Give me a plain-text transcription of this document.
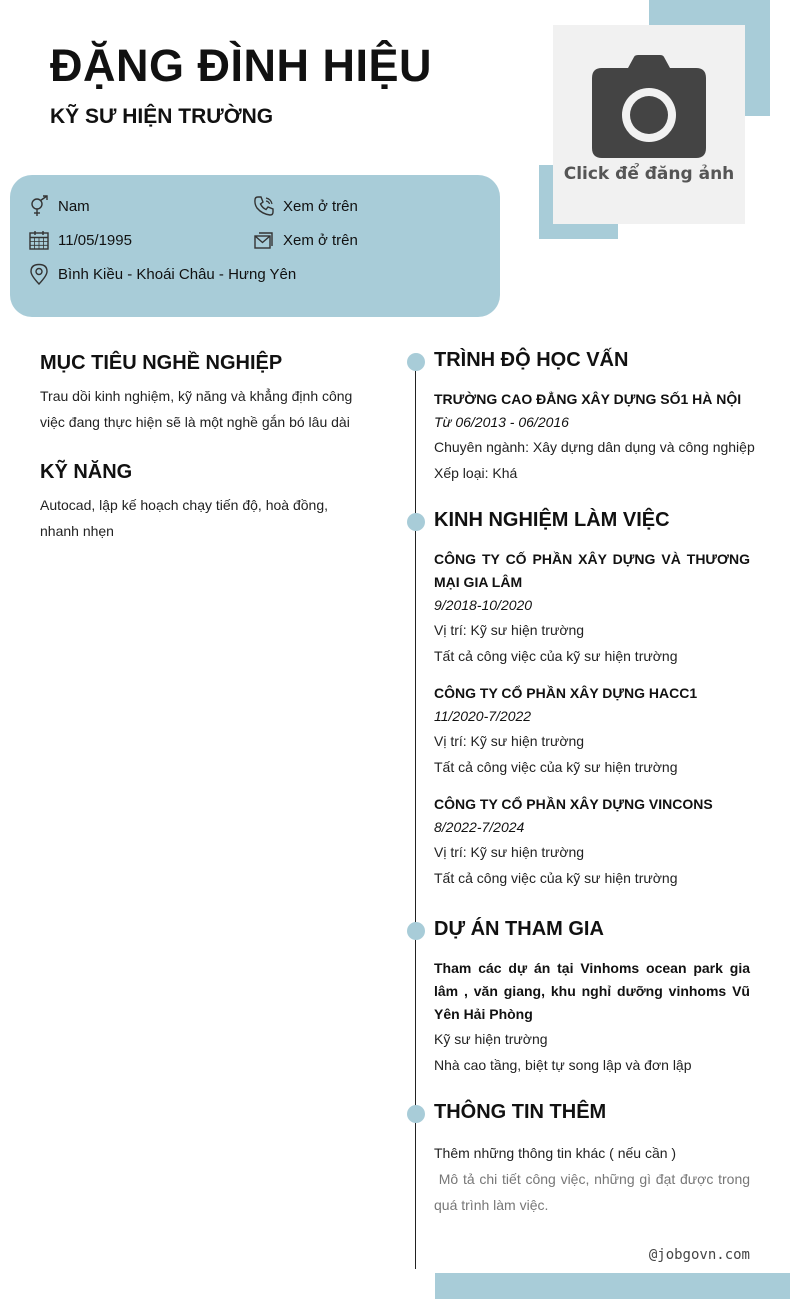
ĐẶNG ĐÌNH HIỆU
KỸ SƯ HIỆN TRƯỜNG
Click để đăng ảnh
Nam	Xem ở trên
11/05/1995	Xem ở trên
Bình Kiều - Khoái Châu - Hưng Yên
MỤC TIÊU NGHỀ NGHIỆP

Trau dồi kinh nghiệm, kỹ năng và khẳng định công việc đang thực hiện sẽ là một nghề gắn bó lâu dài

KỸ NĂNG

Autocad, lập kế hoạch chạy tiến độ, hoà đồng, nhanh nhẹn

TRÌNH ĐỘ HỌC VẤN
TRƯỜNG CAO ĐẲNG XÂY DỰNG SỐ1 HÀ NỘI
Từ 06/2013 - 06/2016
Chuyên ngành: Xây dựng dân dụng và công nghiệp
Xếp loại: Khá
KINH NGHIỆM LÀM VIỆC
CÔNG TY CỐ PHẦN XÂY DỰNG VÀ THƯƠNG MẠI GIA LÂM
9/2018-10/2020
Vị trí: Kỹ sư hiện trường
Tất cả công việc của kỹ sư hiện trường
CÔNG TY CỔ PHẦN XÂY DỰNG HACC1
11/2020-7/2022
Vị trí: Kỹ sư hiện trường
Tất cả công việc của kỹ sư hiện trường
CÔNG TY CỔ PHẦN XÂY DỰNG VINCONS
8/2022-7/2024
Vị trí: Kỹ sư hiện trường
Tất cả công việc của kỹ sư hiện trường
DỰ ÁN THAM GIA
Tham các dự án tại Vinhoms ocean park gia lâm , văn giang, khu nghỉ dưỡng vinhoms Vũ Yên Hải Phòng
Kỹ sư hiện trường
Nhà cao tầng, biệt tự song lập và đơn lập
THÔNG TIN THÊM
Thêm những thông tin khác ( nếu cần )
Mô tả chi tiết công việc, những gì đạt được trong quá trình làm việc.
@jobgovn.com
